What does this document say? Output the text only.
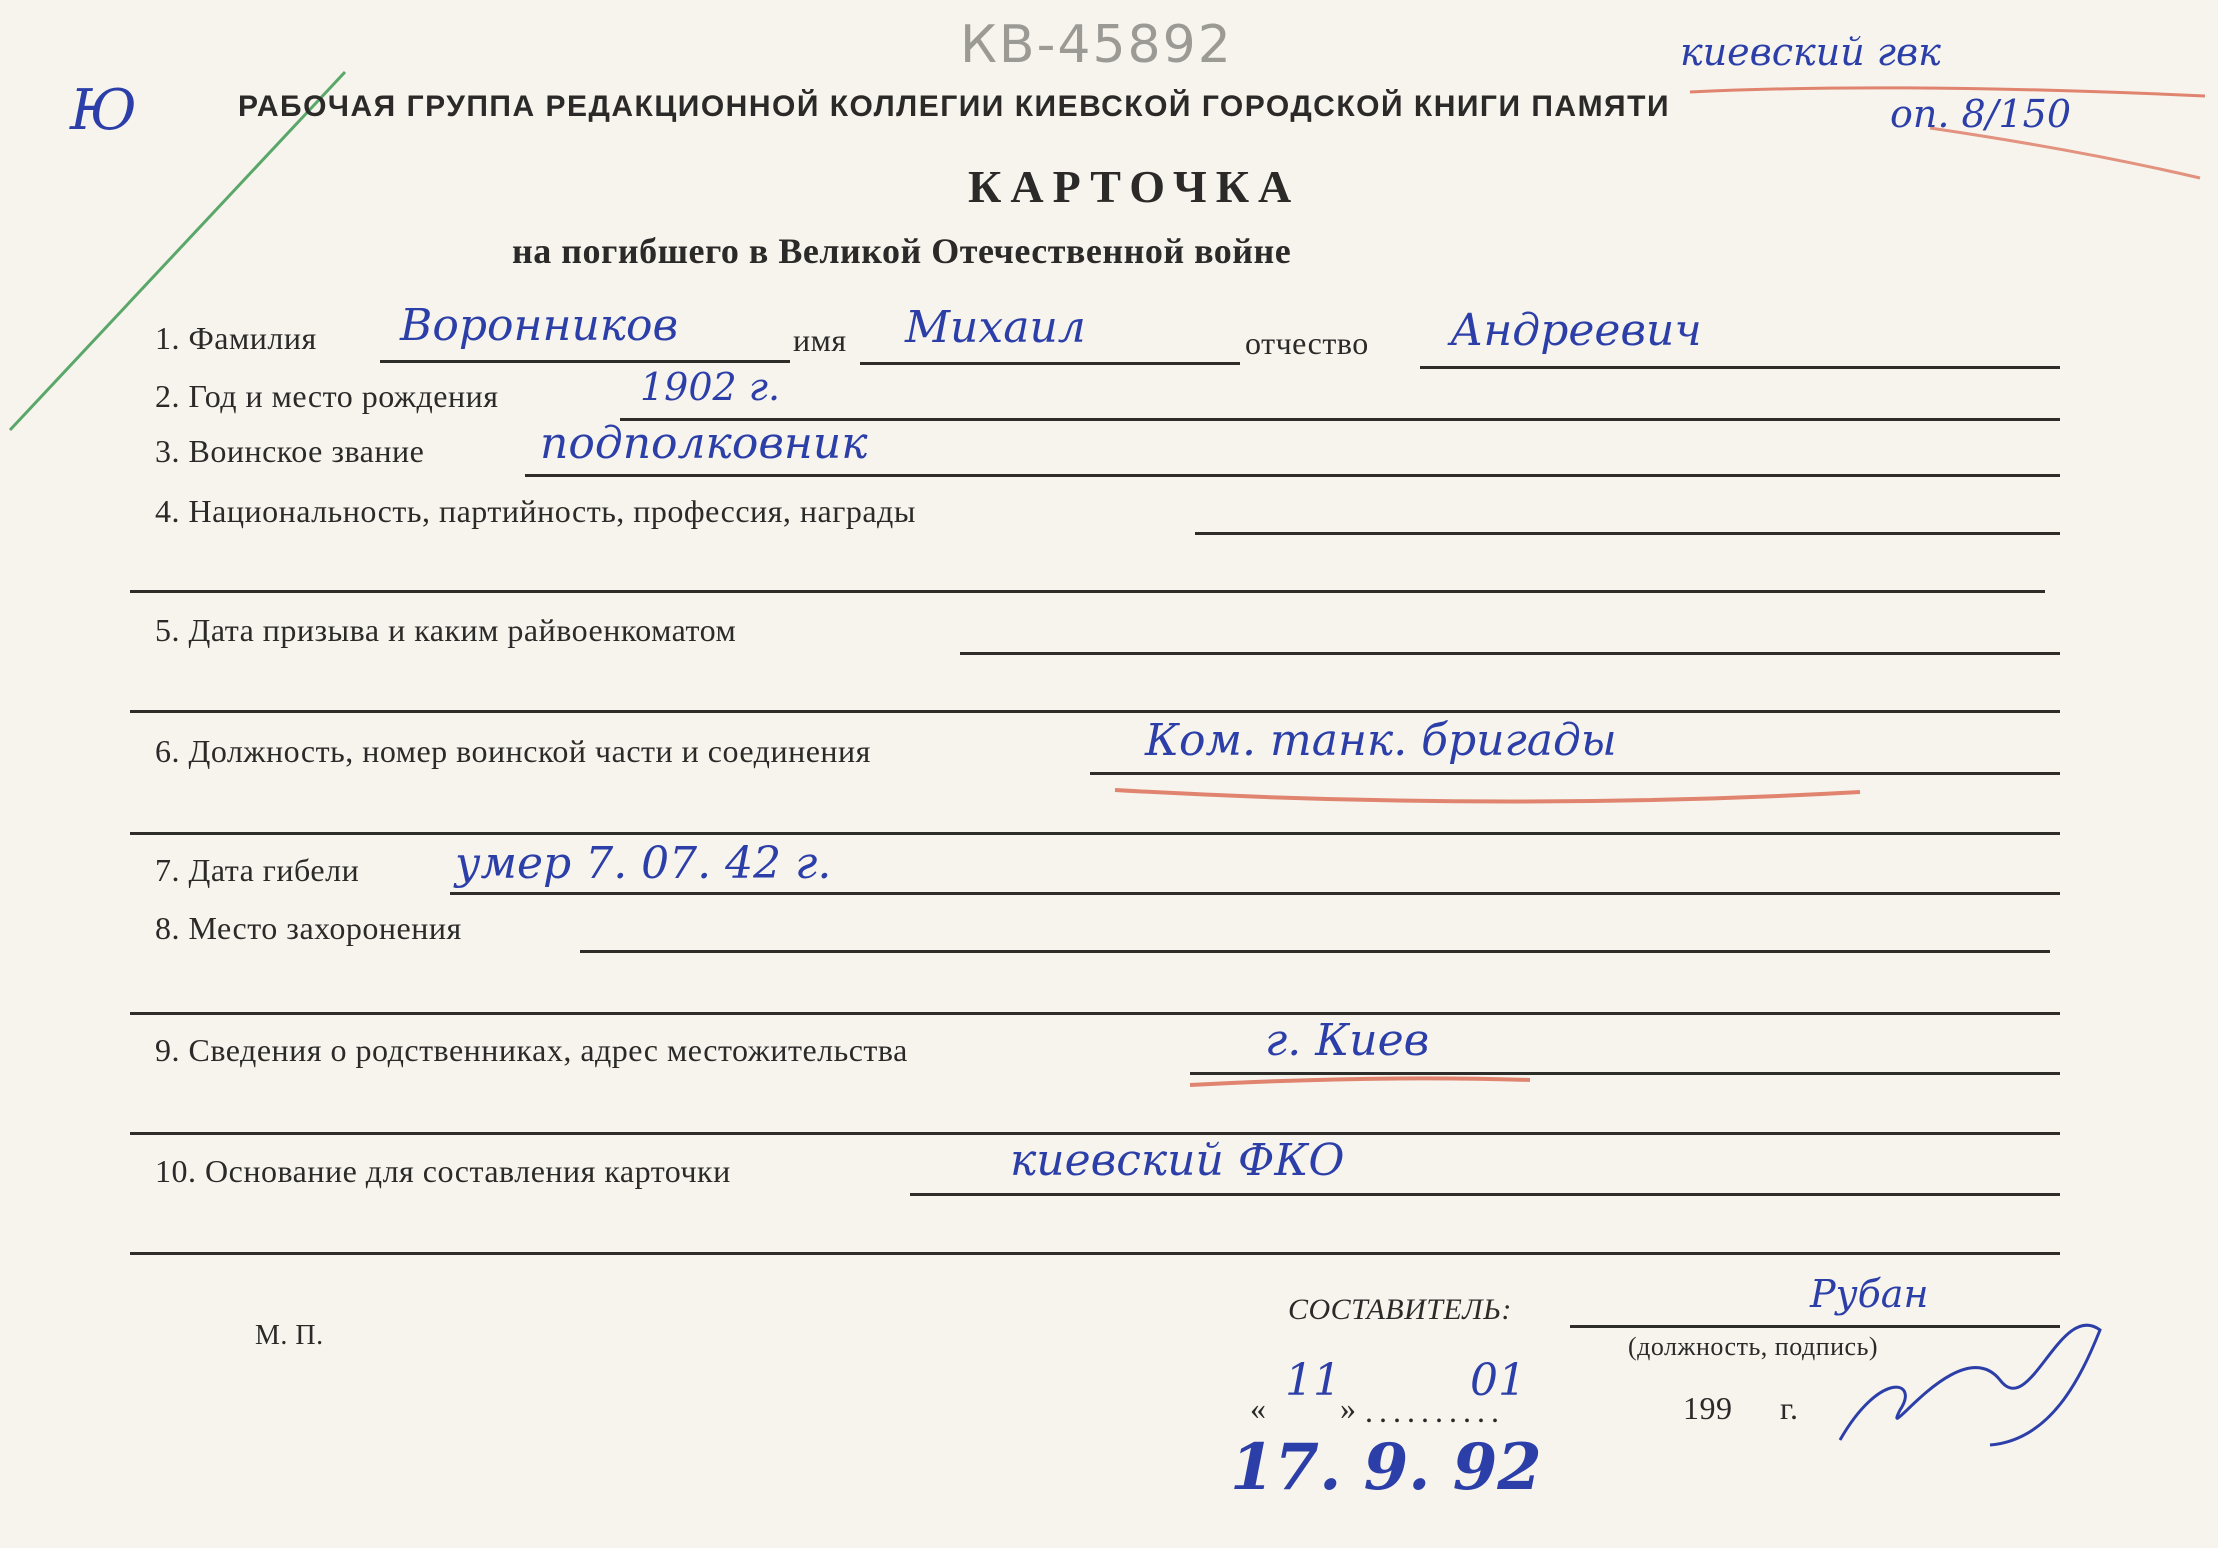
Ю
КВ-45892	киевский гвк
оп. 8/150
РАБОЧАЯ ГРУППА РЕДАКЦИОННОЙ КОЛЛЕГИИ КИЕВСКОЙ ГОРОДСКОЙ КНИГИ ПАМЯТИ
КАРТОЧКА
на погибшего в Великой Отечественной войне
1. Фамилия Воронников	имя Михаил	отчество Андреевич
2. Год и место рождения	1902 г.
3. Воинское звание	подполковник
4. Национальность, партийность, профессия, награды
5. Дата призыва и каким райвоенкоматом
6. Должность, номер воинской части и соединения	Ком. танк. бригады
7. Дата гибели умер 7. 07. 42 г.
8. Место захоронения
9. Сведения о родственниках, адрес местожительства	г. Киев
10. Основание для составления карточки	киевский ФКО
М. П.
СОСТАВИТЕЛЬ:	Рубан
(должность, подпись)
«
11
» ..........
01
199 г.
17. 9. 92
